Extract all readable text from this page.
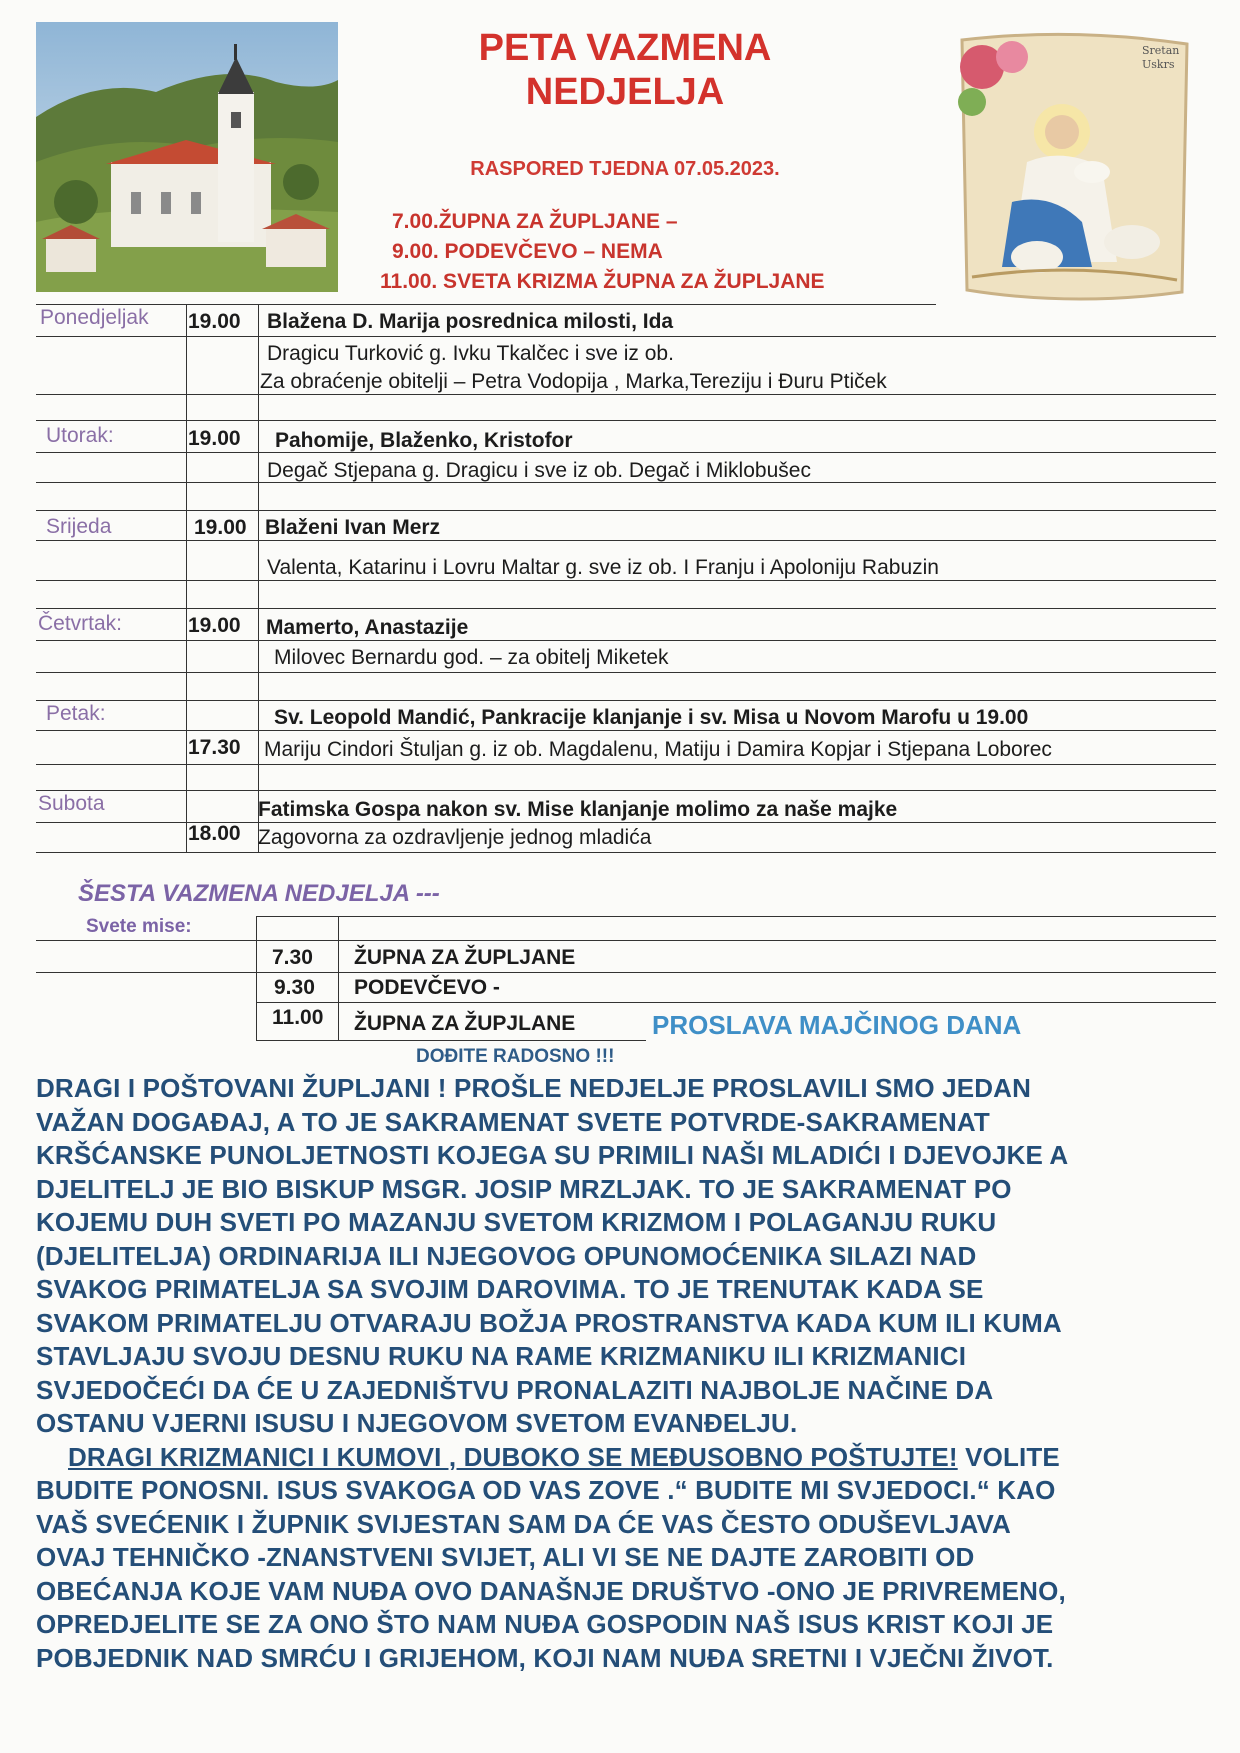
PETA VAZMENA
NEDJELJA
RASPORED TJEDNA 07.05.2023.
7.00.ŽUPNA ZA ŽUPLJANE –
9.00. PODEVČEVO – NEMA
11.00. SVETA KRIZMA ŽUPNA ZA ŽUPLJANE
Sretan
Uskrs
Ponedjeljak 19.00 Blažena D. Marija posrednica milosti, Ida
Dragicu Turković g. Ivku Tkalčec i sve iz ob.
Za obraćenje obitelji – Petra Vodopija , Marka,Tereziju i Đuru Ptiček
Utorak:	19.00 Pahomije, Blaženko, Kristofor
Degač Stjepana g. Dragicu i sve iz ob. Degač i Miklobušec
Srijeda	19.00 Blaženi Ivan Merz
Valenta, Katarinu i Lovru Maltar g. sve iz ob. I Franju i Apoloniju Rabuzin
Četvrtak:	19.00 Mamerto, Anastazije
Milovec Bernardu god. – za obitelj Miketek
Petak:	Sv. Leopold Mandić, Pankracije klanjanje i sv. Misa u Novom Marofu u 19.00
17.30 Mariju Cindori Štuljan g. iz ob. Magdalenu, Matiju i Damira Kopjar i Stjepana Loborec
Subota	Fatimska Gospa nakon sv. Mise klanjanje molimo za naše majke
18.00 Zagovorna za ozdravljenje jednog mladića
ŠESTA VAZMENA NEDJELJA ---
Svete mise:
7.30 ŽUPNA ZA ŽUPLJANE
9.30 PODEVČEVO -
11.00 ŽUPNA ZA ŽUPJLANE	PROSLAVA MAJČINOG DANA
DOĐITE RADOSNO !!!
DRAGI I POŠTOVANI ŽUPLJANI ! PROŠLE NEDJELJE PROSLAVILI SMO JEDAN
VAŽAN DOGAĐAJ, A TO JE SAKRAMENAT SVETE POTVRDE-SAKRAMENAT
KRŠĆANSKE PUNOLJETNOSTI KOJEGA SU PRIMILI NAŠI MLADIĆI I DJEVOJKE A
DJELITELJ JE BIO BISKUP MSGR. JOSIP MRZLJAK. TO JE SAKRAMENAT PO
KOJEMU DUH SVETI PO MAZANJU SVETOM KRIZMOM I POLAGANJU RUKU
(DJELITELJA) ORDINARIJA ILI NJEGOVOG OPUNOMOĆENIKA SILAZI NAD
SVAKOG PRIMATELJA SA SVOJIM DAROVIMA. TO JE TRENUTAK KADA SE
SVAKOM PRIMATELJU OTVARAJU BOŽJA PROSTRANSTVA KADA KUM ILI KUMA
STAVLJAJU SVOJU DESNU RUKU NA RAME KRIZMANIKU ILI KRIZMANICI
SVJEDOČEĆI DA ĆE U ZAJEDNIŠTVU PRONALAZITI NAJBOLJE NAČINE DA
OSTANU VJERNI ISUSU I NJEGOVOM SVETOM EVANĐELJU.
DRAGI KRIZMANICI I KUMOVI , DUBOKO SE MEĐUSOBNO POŠTUJTE! VOLITE
BUDITE PONOSNI. ISUS SVAKOGA OD VAS ZOVE .“ BUDITE MI SVJEDOCI.“ KAO
VAŠ SVEĆENIK I ŽUPNIK SVIJESTAN SAM DA ĆE VAS ČESTO ODUŠEVLJAVA
OVAJ TEHNIČKO -ZNANSTVENI SVIJET, ALI VI SE NE DAJTE ZAROBITI OD
OBEĆANJA KOJE VAM NUĐA OVO DANAŠNJE DRUŠTVO -ONO JE PRIVREMENO,
OPREDJELITE SE ZA ONO ŠTO NAM NUĐA GOSPODIN NAŠ ISUS KRIST KOJI JE
POBJEDNIK NAD SMRĆU I GRIJEHOM, KOJI NAM NUĐA SRETNI I VJEČNI ŽIVOT.
